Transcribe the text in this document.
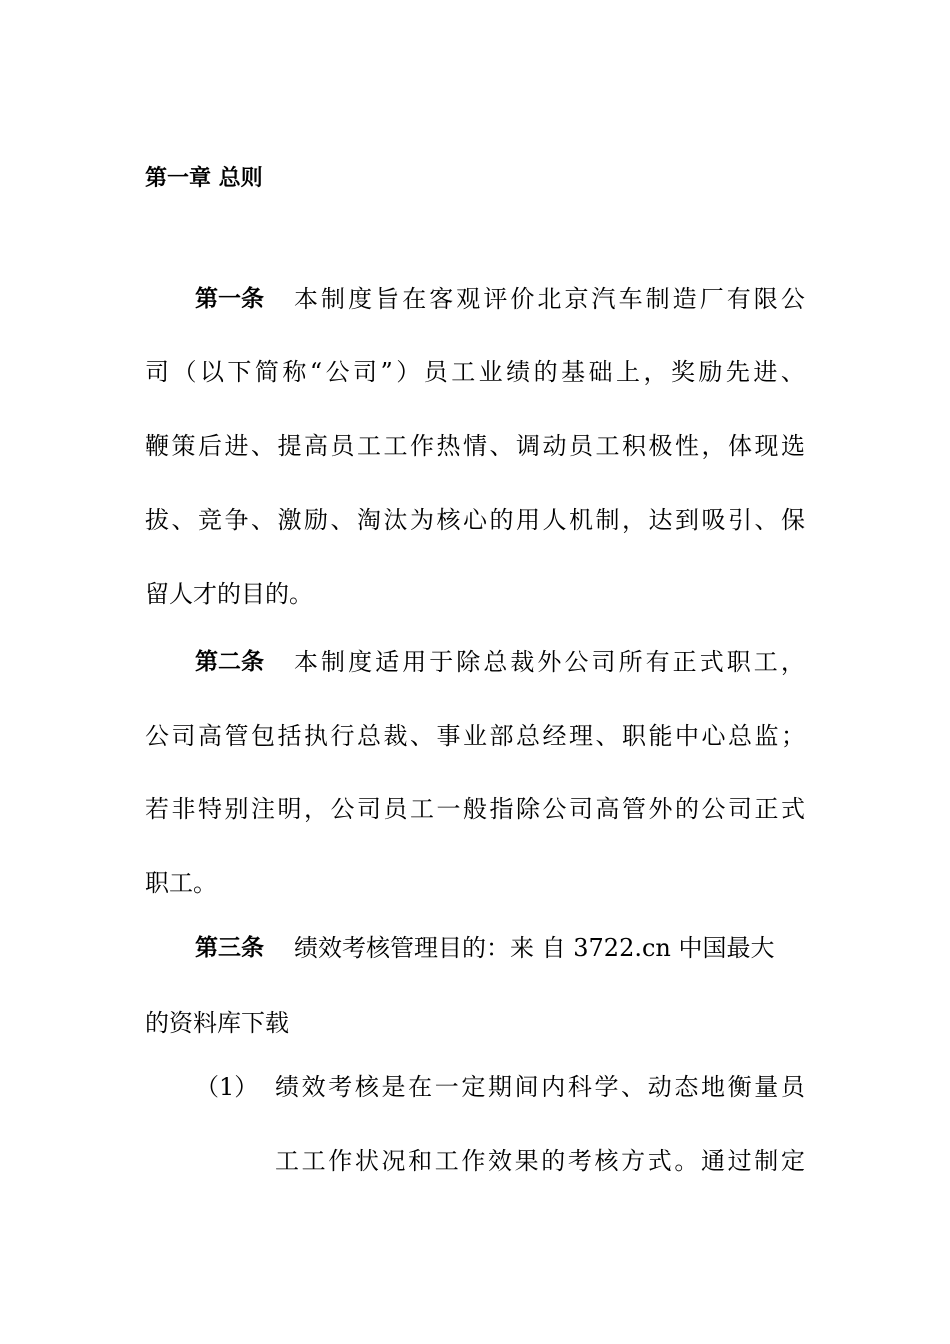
第一章 总则
第一条 本 制 度 旨 在 客 观 评 价 北 京 汽 车 制 造 厂 有 限 公
司 （ 以 下 简 称 “ 公 司 ” ） 员 工 业 绩 的 基 础 上 ， 奖 励 先 进 、
鞭 策 后 进 、 提 高 员 工 工 作 热 情 、 调 动 员 工 积 极 性 ， 体 现 选
拔 、 竞 争 、 激 励 、 淘 汰 为 核 心 的 用 人 机 制 ， 达 到 吸 引 、 保
留人才的目的。
第二条 本 制 度 适 用 于 除 总 裁 外 公 司 所 有 正 式 职 工 ，
公 司 高 管 包 括 执 行 总 裁 、 事 业 部 总 经 理 、 职 能 中 心 总 监 ；
若 非 特 别 注 明 ， 公 司 员 工 一 般 指 除 公 司 高 管 外 的 公 司 正 式
职工。
第三条 绩效考核管理目的：来 自 3722.cn 中国最大
的资料库下载
（1） 绩 效 考 核 是 在 一 定 期 间 内 科 学 、 动 态 地 衡 量 员
工 工 作 状 况 和 工 作 效 果 的 考 核 方 式 。 通 过 制 定
